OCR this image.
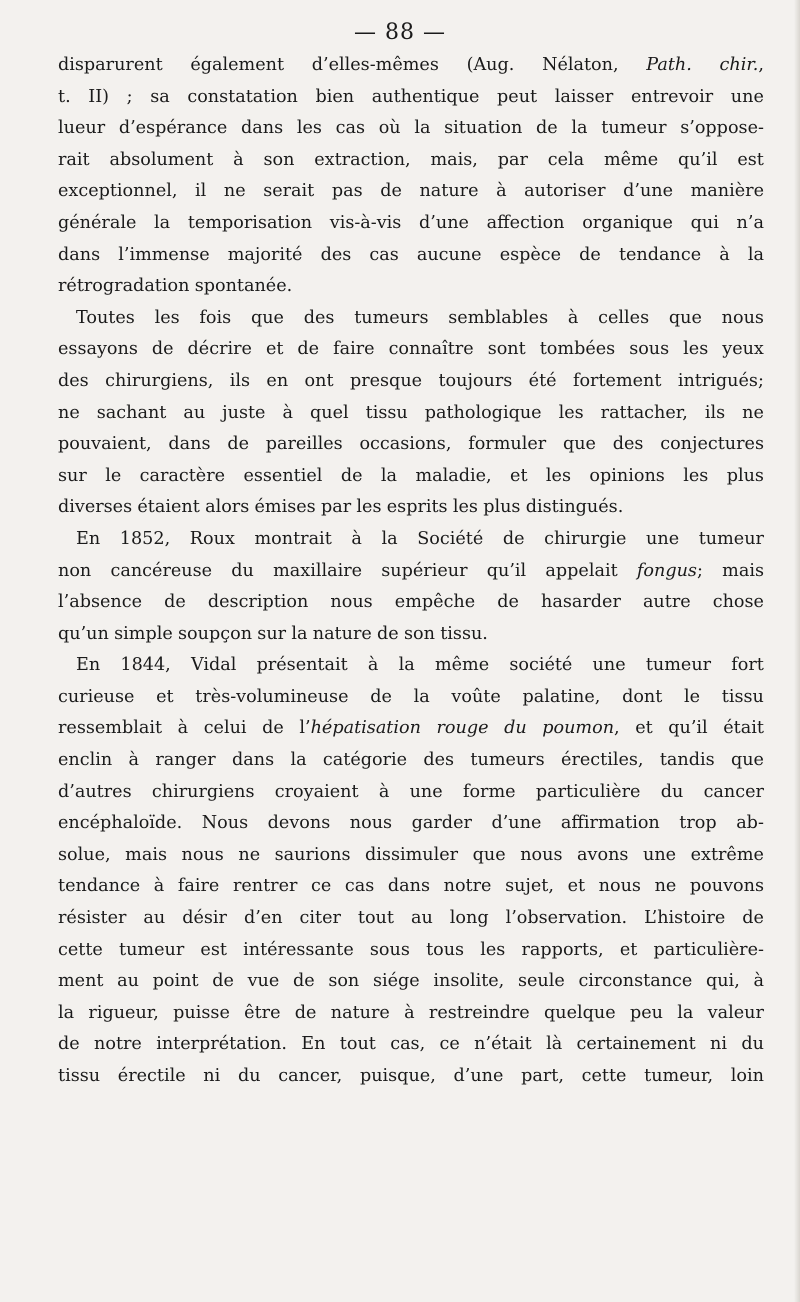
— 88 —
disparurent également d’elles-mêmes (Aug. Nélaton, Path. chir.,
t. II) ; sa constatation bien authentique peut laisser entrevoir une
lueur d’espérance dans les cas où la situation de la tumeur s’oppose-
rait absolument à son extraction, mais, par cela même qu’il est
exceptionnel, il ne serait pas de nature à autoriser d’une manière
générale la temporisation vis-à-vis d’une affection organique qui n’a
dans l’immense majorité des cas aucune espèce de tendance à la
rétrogradation spontanée.
Toutes les fois que des tumeurs semblables à celles que nous
essayons de décrire et de faire connaître sont tombées sous les yeux
des chirurgiens, ils en ont presque toujours été fortement intrigués;
ne sachant au juste à quel tissu pathologique les rattacher, ils ne
pouvaient, dans de pareilles occasions, formuler que des conjectures
sur le caractère essentiel de la maladie, et les opinions les plus
diverses étaient alors émises par les esprits les plus distingués.
En 1852, Roux montrait à la Société de chirurgie une tumeur
non cancéreuse du maxillaire supérieur qu’il appelait fongus; mais
l’absence de description nous empêche de hasarder autre chose
qu’un simple soupçon sur la nature de son tissu.
En 1844, Vidal présentait à la même société une tumeur fort
curieuse et très-volumineuse de la voûte palatine, dont le tissu
ressemblait à celui de l’hépatisation rouge du poumon, et qu’il était
enclin à ranger dans la catégorie des tumeurs érectiles, tandis que
d’autres chirurgiens croyaient à une forme particulière du cancer
encéphaloïde. Nous devons nous garder d’une affirmation trop ab-
solue, mais nous ne saurions dissimuler que nous avons une extrême
tendance à faire rentrer ce cas dans notre sujet, et nous ne pouvons
résister au désir d’en citer tout au long l’observation. L’histoire de
cette tumeur est intéressante sous tous les rapports, et particulière-
ment au point de vue de son siége insolite, seule circonstance qui, à
la rigueur, puisse être de nature à restreindre quelque peu la valeur
de notre interprétation. En tout cas, ce n’était là certainement ni du
tissu érectile ni du cancer, puisque, d’une part, cette tumeur, loin
